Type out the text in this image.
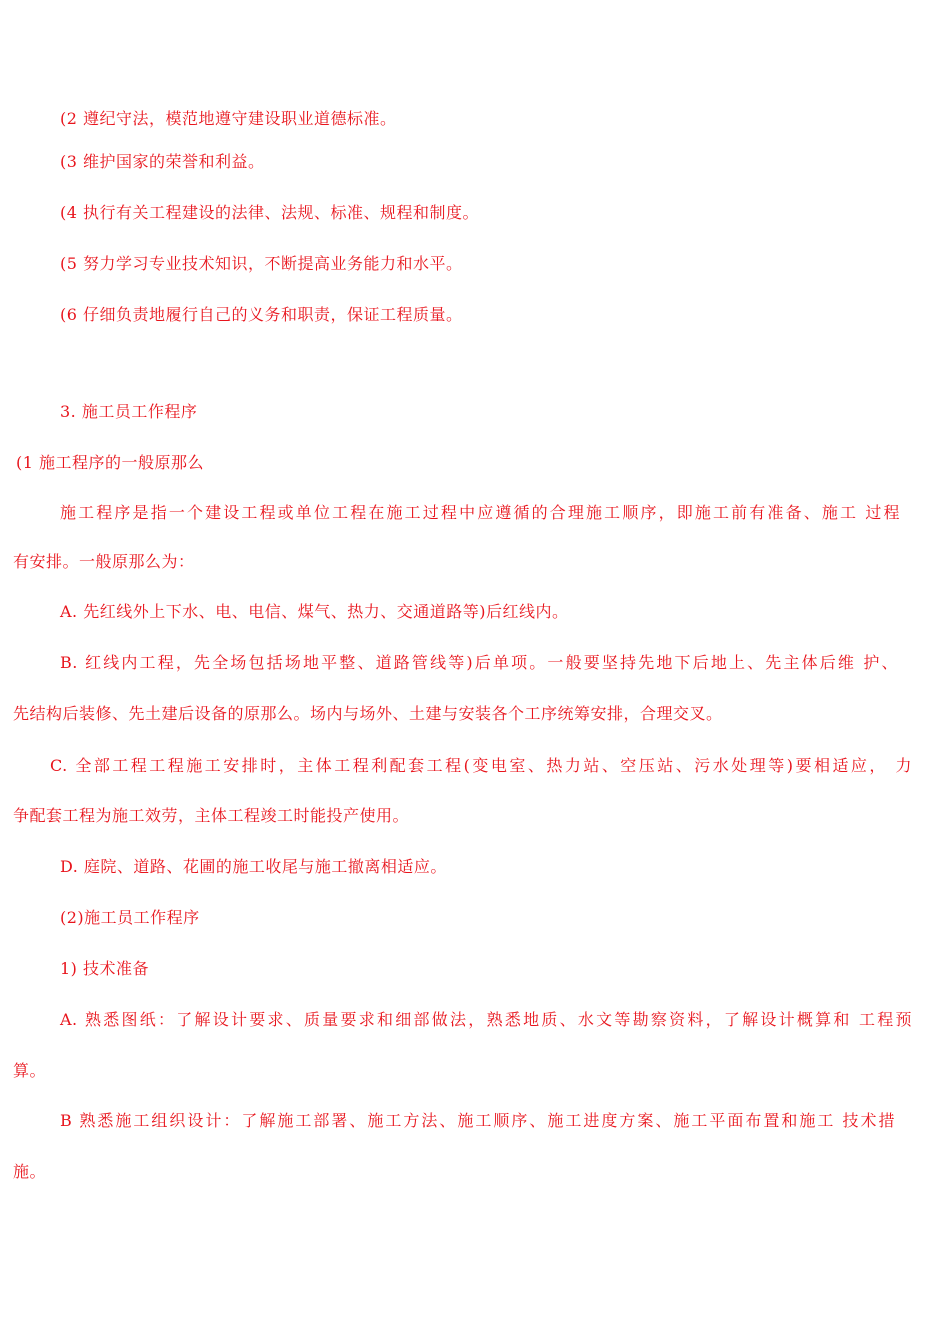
(2 遵纪守法，模范地遵守建设职业道德标准。
(3 维护国家的荣誉和利益。
(4 执行有关工程建设的法律、法规、标准、规程和制度。
(5 努力学习专业技术知识，不断提高业务能力和水平。
(6 仔细负责地履行自己的义务和职责，保证工程质量。
3. 施工员工作程序
(1 施工程序的一般原那么
施工程序是指一个建设工程或单位工程在施工过程中应遵循的合理施工顺序，即施工前有准备、施工 过程
有安排。一般原那么为：
A. 先红线外上下水、电、电信、煤气、热力、交通道路等)后红线内。
B. 红线内工程，先全场包括场地平整、道路管线等)后单项。一般要坚持先地下后地上、先主体后维 护、
先结构后装修、先土建后设备的原那么。场内与场外、土建与安装各个工序统筹安排，合理交叉。
C. 全部工程工程施工安排时，主体工程利配套工程(变电室、热力站、空压站、污水处理等)要相适应， 力
争配套工程为施工效劳，主体工程竣工时能投产使用。
D. 庭院、道路、花圃的施工收尾与施工撤离相适应。
(2)施工员工作程序
1) 技术准备
A. 熟悉图纸：了解设计要求、质量要求和细部做法，熟悉地质、水文等勘察资料，了解设计概算和 工程预
算。
B 熟悉施工组织设计：了解施工部署、施工方法、施工顺序、施工进度方案、施工平面布置和施工 技术措
施。
